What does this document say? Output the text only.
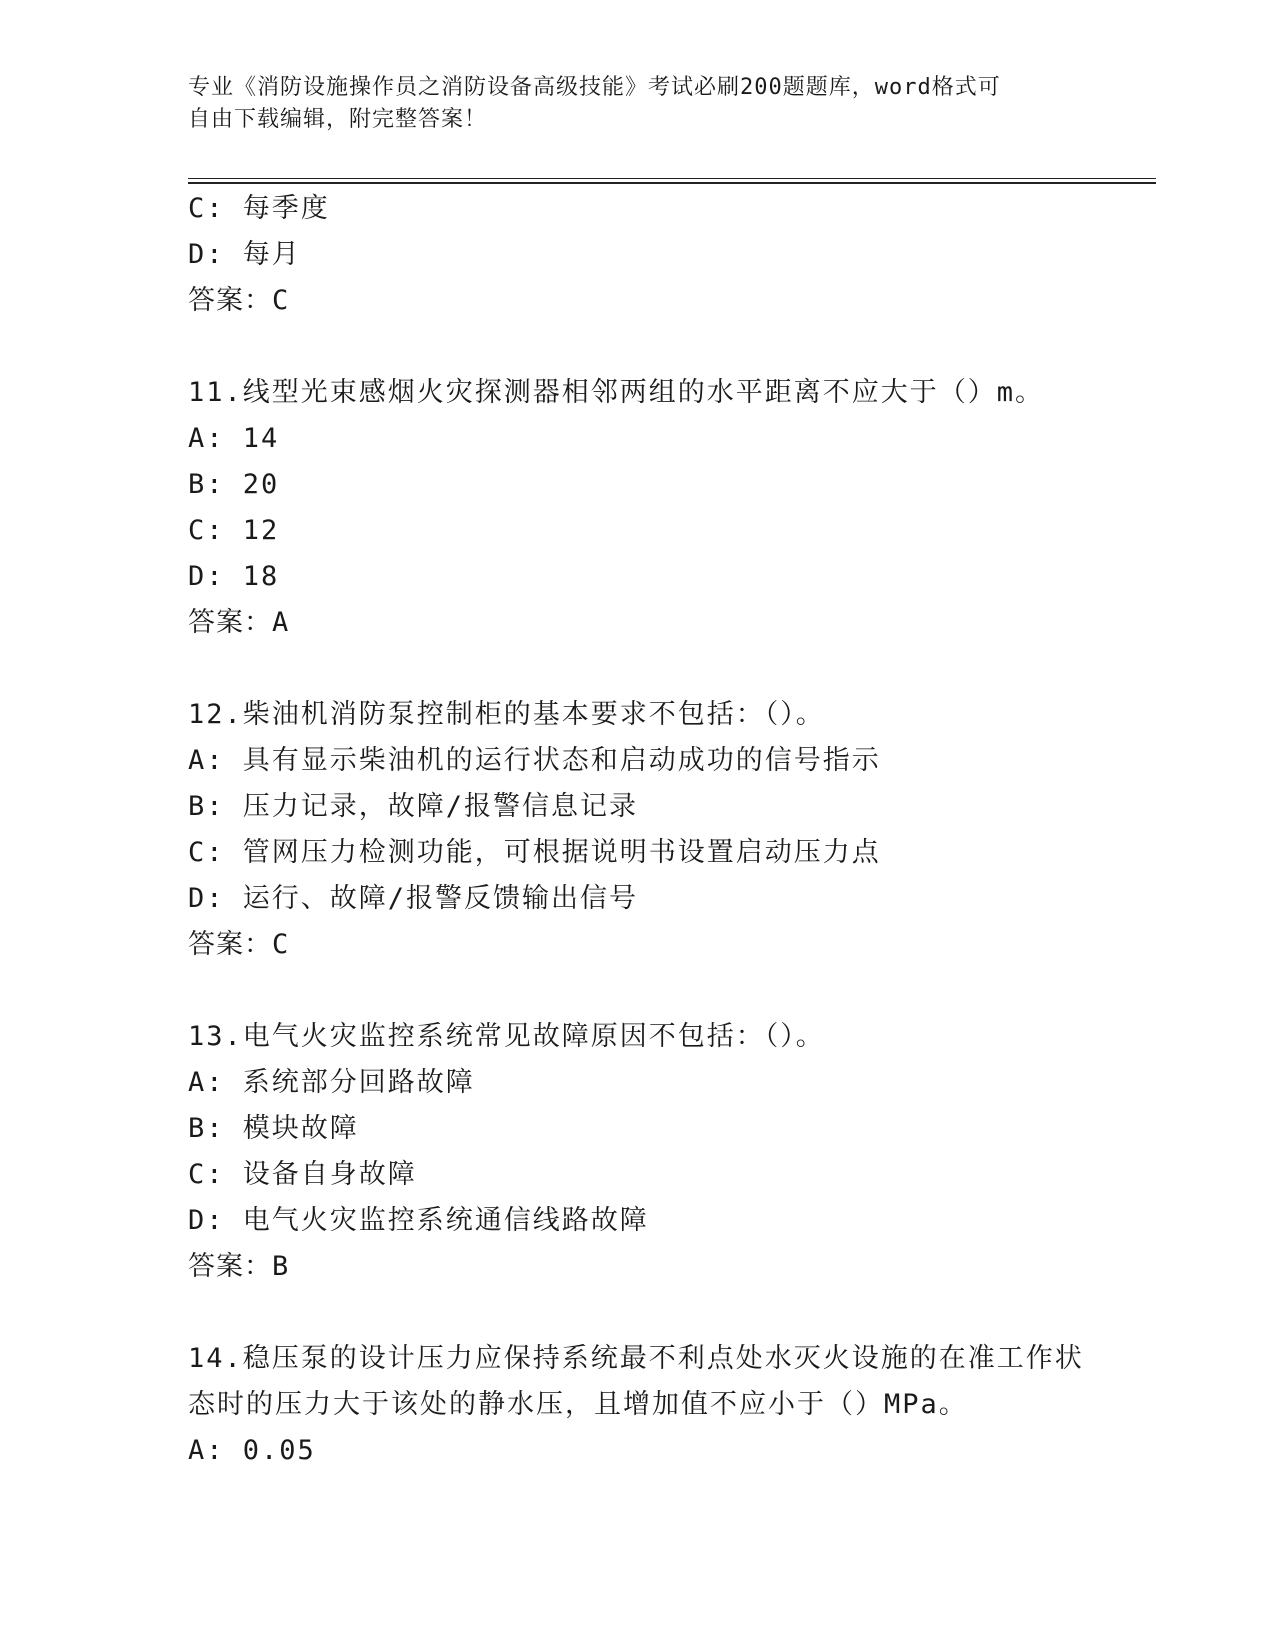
专业《消防设施操作员之消防设备高级技能》考试必刷200题题库，word格式可
自由下载编辑，附完整答案！
C: 每季度
D: 每月
答案：C
11.线型光束感烟火灾探测器相邻两组的水平距离不应大于（）m。
A: 14
B: 20
C: 12
D: 18
答案：A
12.柴油机消防泵控制柜的基本要求不包括：（）。
A: 具有显示柴油机的运行状态和启动成功的信号指示
B: 压力记录，故障/报警信息记录
C: 管网压力检测功能，可根据说明书设置启动压力点
D: 运行、故障/报警反馈输出信号
答案：C
13.电气火灾监控系统常见故障原因不包括：（）。
A: 系统部分回路故障
B: 模块故障
C: 设备自身故障
D: 电气火灾监控系统通信线路故障
答案：B
14.稳压泵的设计压力应保持系统最不利点处水灭火设施的在准工作状
态时的压力大于该处的静水压，且增加值不应小于（）MPa。
A: 0.05
